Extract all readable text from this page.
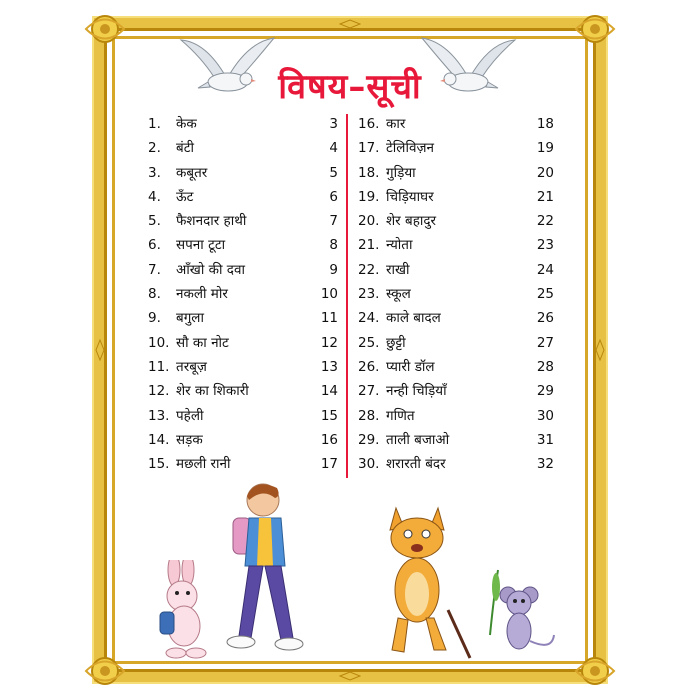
विषय–सूची
1. केक	3
2. बंटी	4
3. कबूतर	5
4. ऊँट	6
5. फैशनदार हाथी	7
6. सपना टूटा	8
7. आँखो की दवा	9
8. नकली मोर	10
9. बगुला	11
10. सौ का नोट	12
11. तरबूज़	13
12. शेर का शिकारी	14
13. पहेली	15
14. सड़क	16
15. मछली रानी	17
16. कार	18
17. टेलिविज़न	19
18. गुड़िया	20
19. चिड़ियाघर	21
20. शेर बहादुर	22
21. न्योता	23
22. राखी	24
23. स्कूल	25
24. काले बादल	26
25. छुट्टी	27
26. प्यारी डॉल	28
27. नन्ही चिड़ियाँ	29
28. गणित	30
29. ताली बजाओ	31
30. शरारती बंदर	32
